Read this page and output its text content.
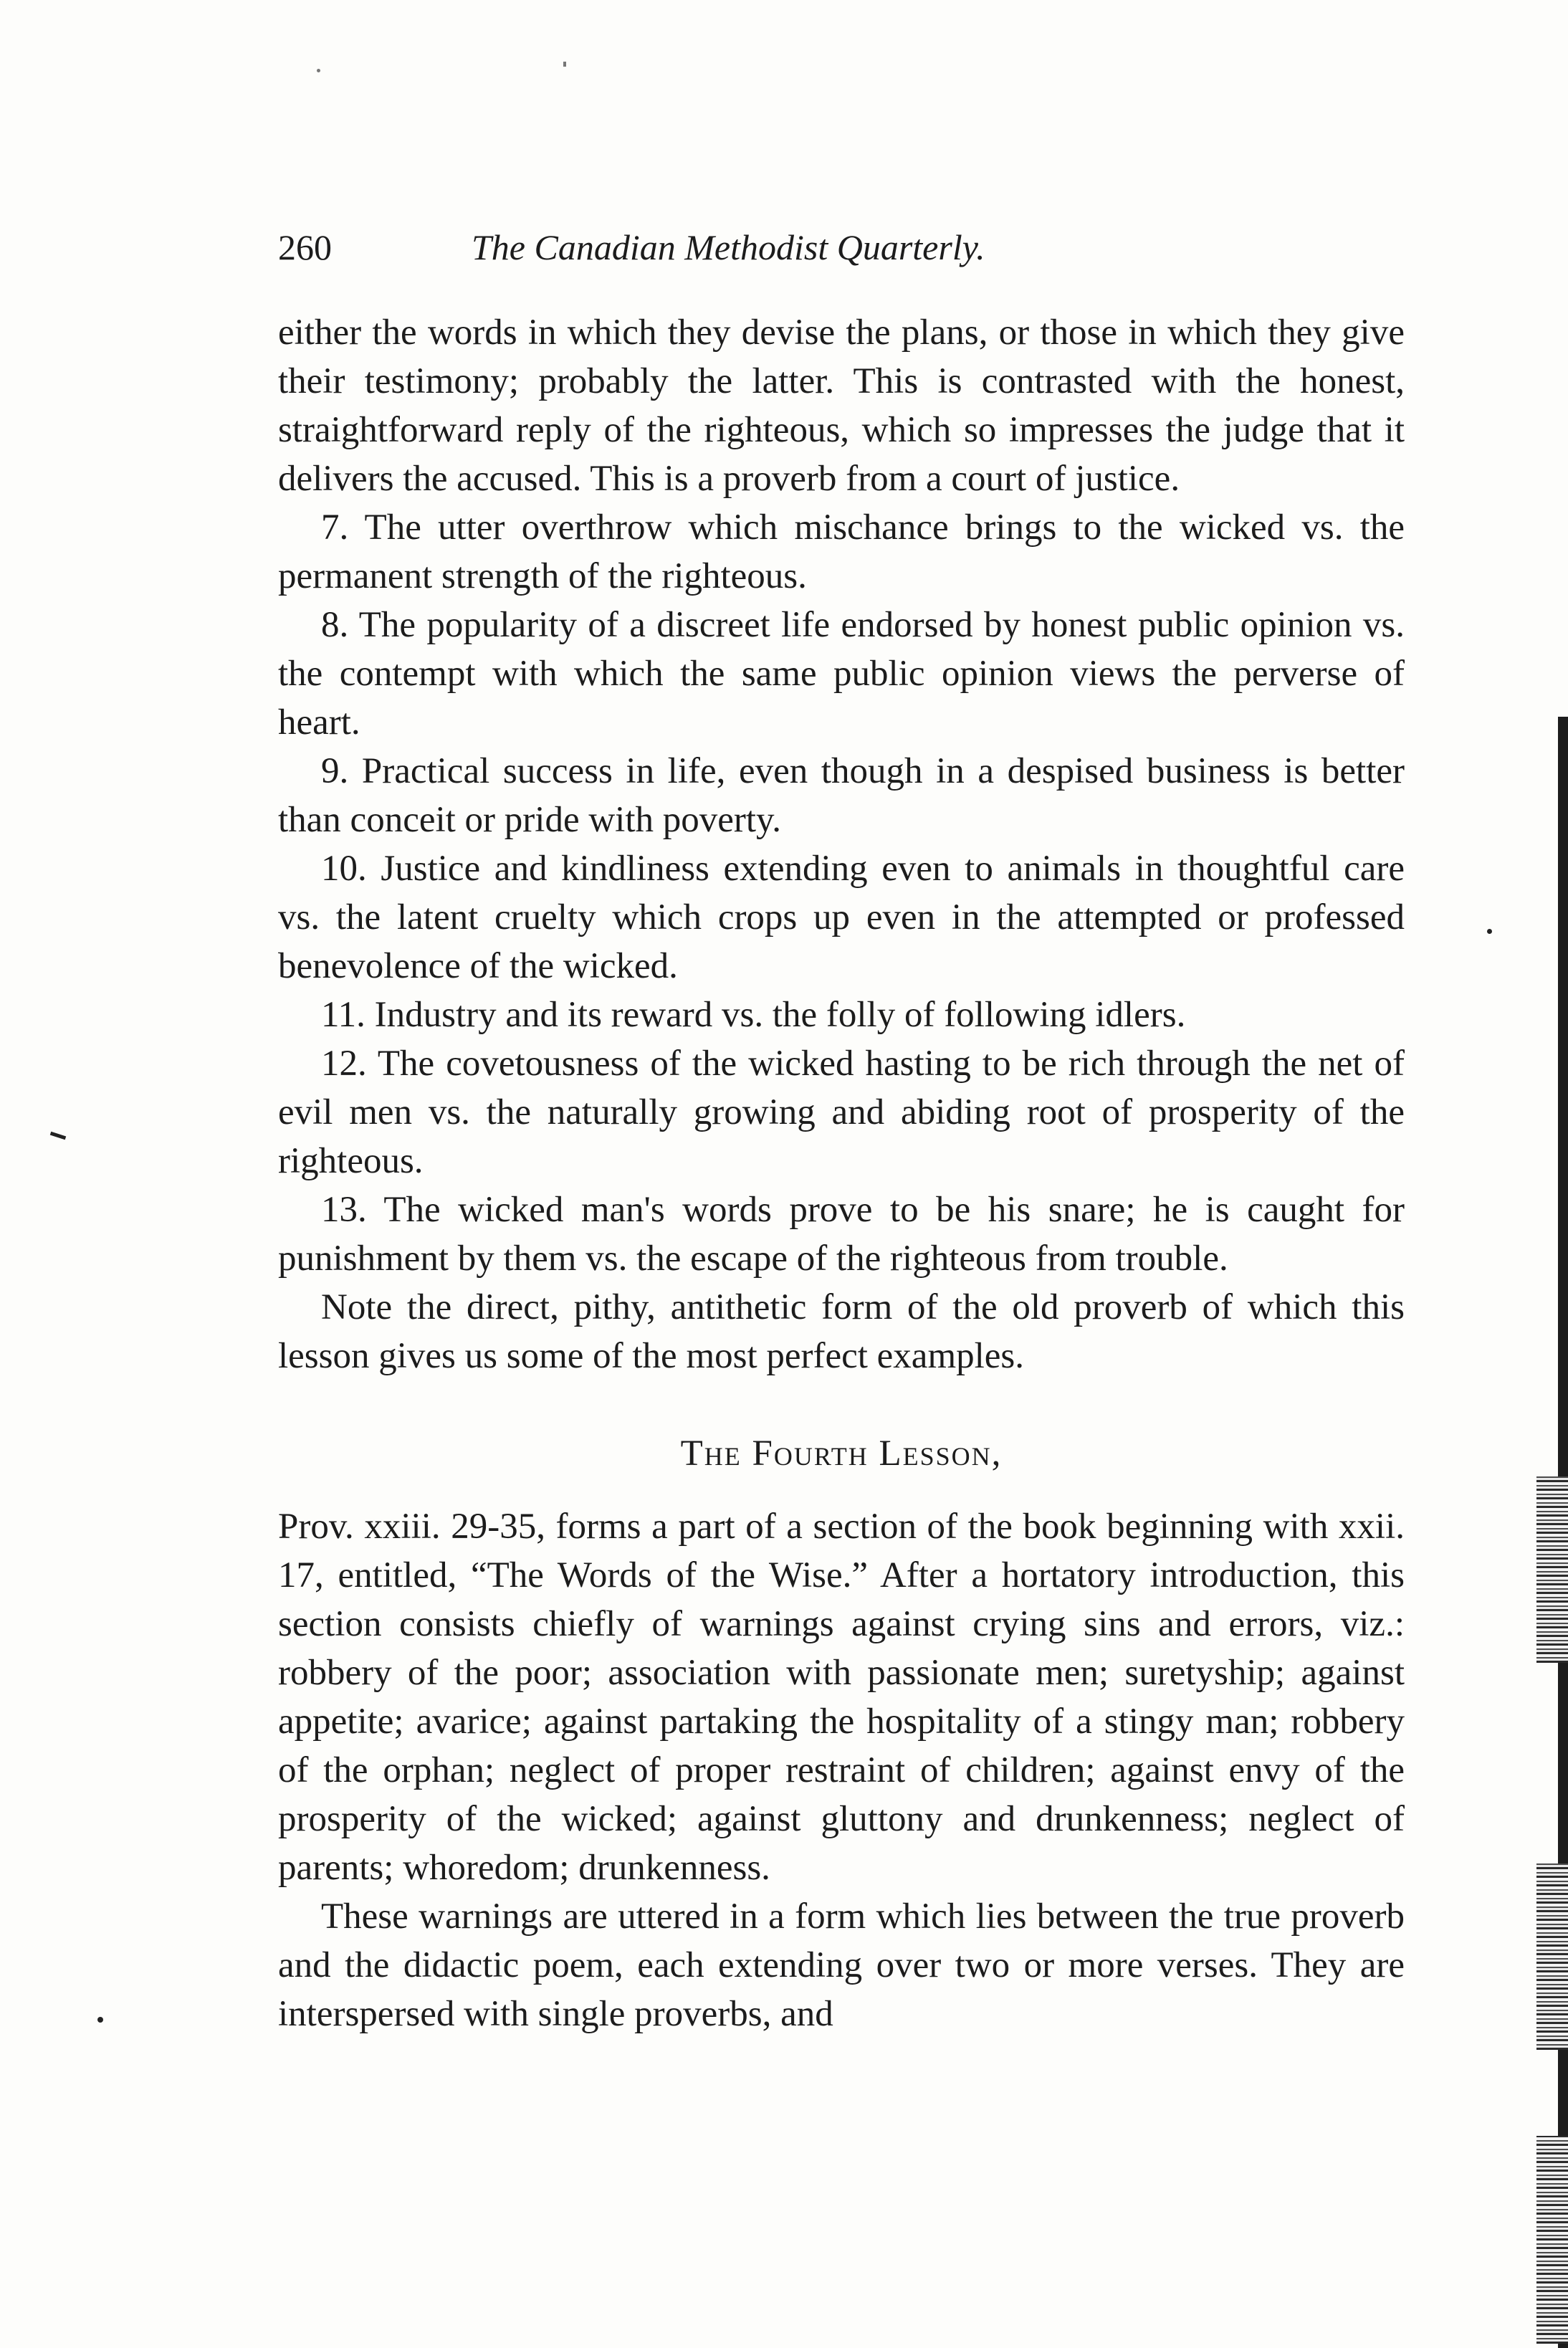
260	The Canadian Methodist Quarterly.

either the words in which they devise the plans, or those in which they give their testimony; probably the latter. This is contrasted with the honest, straightforward reply of the righteous, which so impresses the judge that it delivers the accused. This is a proverb from a court of justice.

7. The utter overthrow which mischance brings to the wicked vs. the permanent strength of the righteous.

8. The popularity of a discreet life endorsed by honest public opinion vs. the contempt with which the same public opinion views the perverse of heart.

9. Practical success in life, even though in a despised business is better than conceit or pride with poverty.

10. Justice and kindliness extending even to animals in thoughtful care vs. the latent cruelty which crops up even in the attempted or professed benevolence of the wicked.

11. Industry and its reward vs. the folly of following idlers.

12. The covetousness of the wicked hasting to be rich through the net of evil men vs. the naturally growing and abiding root of prosperity of the righteous.

13. The wicked man's words prove to be his snare; he is caught for punishment by them vs. the escape of the righteous from trouble.

Note the direct, pithy, antithetic form of the old proverb of which this lesson gives us some of the most perfect examples.

The Fourth Lesson,

Prov. xxiii. 29-35, forms a part of a section of the book beginning with xxii. 17, entitled, “The Words of the Wise.” After a hortatory introduction, this section consists chiefly of warnings against crying sins and errors, viz.: robbery of the poor; association with passionate men; suretyship; against appetite; avarice; against partaking the hospitality of a stingy man; robbery of the orphan; neglect of proper restraint of children; against envy of the prosperity of the wicked; against gluttony and drunkenness; neglect of parents; whoredom; drunkenness.

These warnings are uttered in a form which lies between the true proverb and the didactic poem, each extending over two or more verses. They are interspersed with single proverbs, and
